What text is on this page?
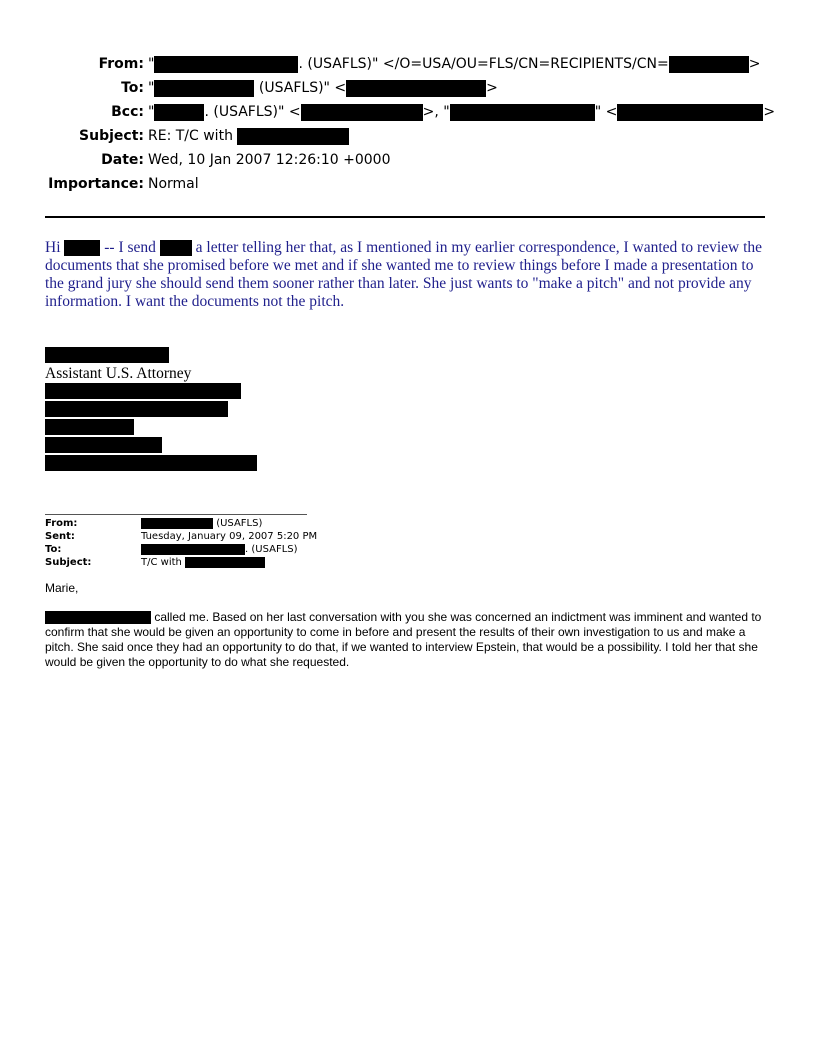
From: "	. (USAFLS)" </O=USA/OU=FLS/CN=RECIPIENTS/CN=	>
To: "	(USAFLS)" <	>
Bcc: "	. (USAFLS)" <	>, "	" <	>
Subject: RE: T/C with
Date: Wed, 10 Jan 2007 12:26:10 +0000
Importance: Normal
Hi	-- I send	a letter telling her that, as I mentioned in my earlier correspondence, I wanted to review the documents that she promised before we met and if she wanted me to review things before I made a presentation to the grand jury she should send them sooner rather than later. She just wants to "make a pitch" and not provide any information. I want the documents not the pitch.
Assistant U.S. Attorney
From:	(USAFLS)
Sent:	Tuesday, January 09, 2007 5:20 PM
To:	. (USAFLS)
Subject:	T/C with
Marie,
called me. Based on her last conversation with you she was concerned an indictment was imminent and wanted to confirm that she would be given an opportunity to come in before and present the results of their own investigation to us and make a pitch. She said once they had an opportunity to do that, if we wanted to interview Epstein, that would be a possibility. I told her that she would be given the opportunity to do what she requested.
